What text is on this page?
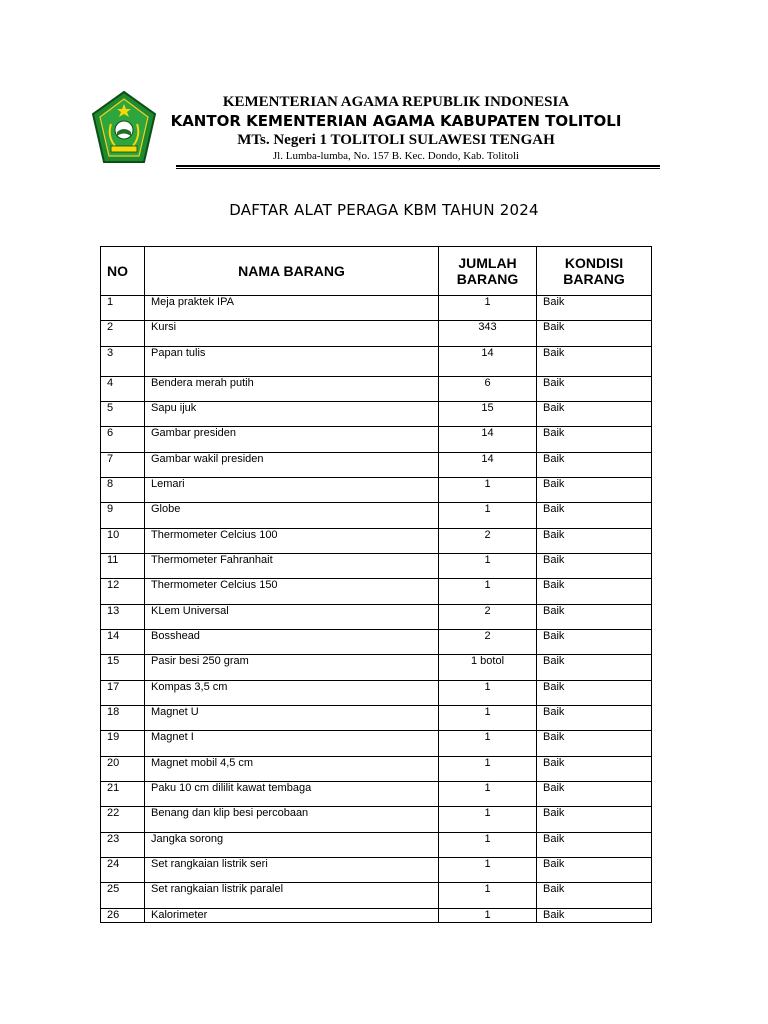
KEMENTERIAN AGAMA REPUBLIK INDONESIA
KANTOR KEMENTERIAN AGAMA KABUPATEN TOLITOLI
MTs. Negeri 1 TOLITOLI SULAWESI TENGAH
Jl. Lumba-lumba, No. 157 B. Kec. Dondo, Kab. Tolitoli
DAFTAR ALAT PERAGA KBM TAHUN 2024
NO	NAMA BARANG	JUMLAH BARANG	KONDISI BARANG
1	Meja praktek IPA	1	Baik
2	Kursi	343	Baik
3	Papan tulis	14	Baik
4	Bendera merah putih	6	Baik
5	Sapu ijuk	15	Baik
6	Gambar presiden	14	Baik
7	Gambar wakil presiden	14	Baik
8	Lemari	1	Baik
9	Globe	1	Baik
10	Thermometer Celcius 100	2	Baik
11	Thermometer Fahranhait	1	Baik
12	Thermometer Celcius 150	1	Baik
13	KLem Universal	2	Baik
14	Bosshead	2	Baik
15	Pasir besi 250 gram	1 botol	Baik
17	Kompas 3,5 cm	1	Baik
18	Magnet U	1	Baik
19	Magnet I	1	Baik
20	Magnet mobil 4,5 cm	1	Baik
21	Paku 10 cm dililit kawat tembaga	1	Baik
22	Benang dan klip besi percobaan	1	Baik
23	Jangka sorong	1	Baik
24	Set rangkaian listrik seri	1	Baik
25	Set rangkaian listrik paralel	1	Baik
26	Kalorimeter	1	Baik
